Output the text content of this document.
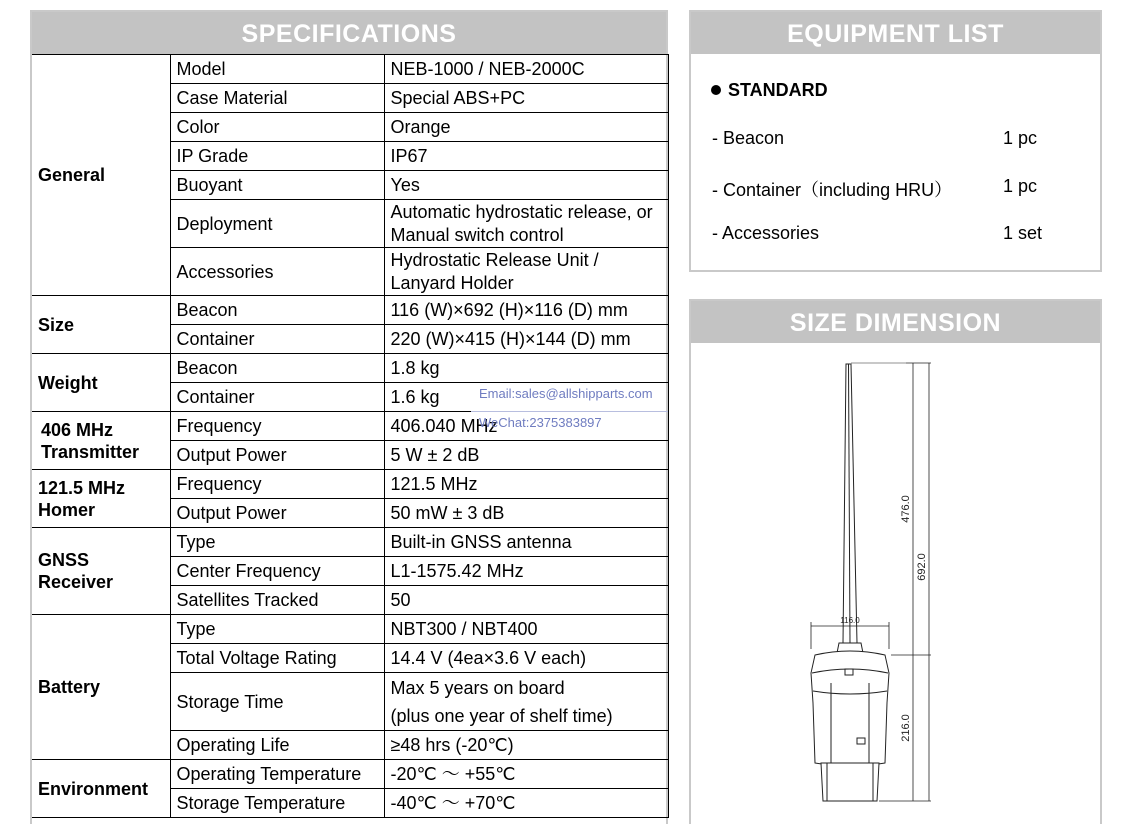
SPECIFICATIONS
General	Model	NEB-1000 / NEB-2000C
	Case Material	Special ABS+PC
	Color	Orange
	IP Grade	IP67
	Buoyant	Yes
	Deployment	Automatic hydrostatic release, or
Manual switch control
	Accessories	Hydrostatic Release Unit /
Lanyard Holder
Size	Beacon	116 (W)×692 (H)×116 (D) mm
	Container	220 (W)×415 (H)×144 (D) mm
Weight	Beacon	1.8 kg
	Container	1.6 kg
406 MHz
Transmitter	Frequency	406.040 MHz
	Output Power	5 W ± 2 dB
121.5 MHz
Homer	Frequency	121.5 MHz
	Output Power	50 mW ± 3 dB
GNSS
Receiver	Type	Built-in GNSS antenna
	Center Frequency	L1-1575.42 MHz
	Satellites Tracked	50
Battery	Type	NBT300 / NBT400
	Total Voltage Rating	14.4 V (4ea×3.6 V each)
	Storage Time	Max 5 years on board
(plus one year of shelf time)
	Operating Life	≥48 hrs (-20℃)
Environment	Operating Temperature	-20℃ ～ +55℃
	Storage Temperature	-40℃ ～ +70℃
Email:sales@allshipparts.com
WeChat:2375383897
EQUIPMENT LIST
STANDARD
- Beacon	1 pc
- Container（including HRU）	1 pc
- Accessories	1 set
SIZE DIMENSION
116.0
476.0
692.0
216.0
